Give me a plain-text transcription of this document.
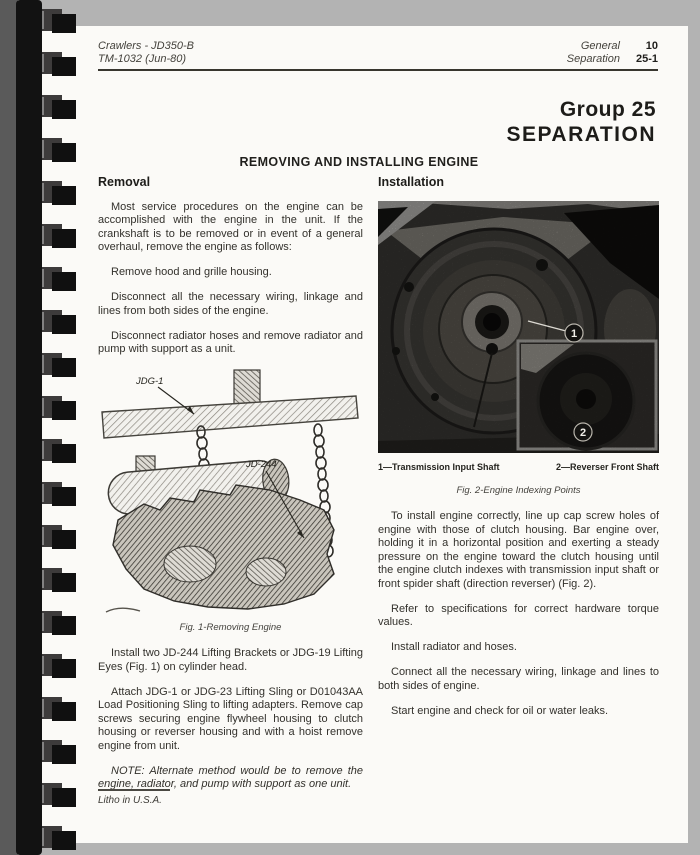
Crawlers - JD350-B
TM-1032 (Jun-80)
General	10
Separation	25-1
Group 25
SEPARATION
REMOVING AND INSTALLING ENGINE
Removal

Most service procedures on the engine can be accomplished with the engine in the unit. If the crankshaft is to be removed or in event of a general overhaul, remove the engine as follows:

Remove hood and grille housing.

Disconnect all the necessary wiring, linkage and lines from both sides of the engine.

Disconnect radiator hoses and remove radiator and pump with support as a unit.

JDG-1
JD-244
Fig. 1-Removing Engine

Install two JD-244 Lifting Brackets or JDG-19 Lifting Eyes (Fig. 1) on cylinder head.

Attach JDG-1 or JDG-23 Lifting Sling or D01043AA Load Positioning Sling to lifting adapters. Remove cap screws securing engine flywheel housing to clutch housing or reverser housing and with a hoist remove engine from unit.

NOTE: Alternate method would be to remove the engine, radiator, and pump with support as one unit.

Installation
1
2
1—Transmission Input Shaft	2—Reverser Front Shaft
Fig. 2-Engine Indexing Points

To install engine correctly, line up cap screw holes of engine with those of clutch housing. Bar engine over, holding it in a horizontal position and exerting a steady pressure on the engine toward the clutch housing until the engine clutch indexes with transmission input shaft or front spider shaft (direction reverser) (Fig. 2).

Refer to specifications for correct hardware torque values.

Install radiator and hoses.

Connect all the necessary wiring, linkage and lines to both sides of engine.

Start engine and check for oil or water leaks.

Litho in U.S.A.
